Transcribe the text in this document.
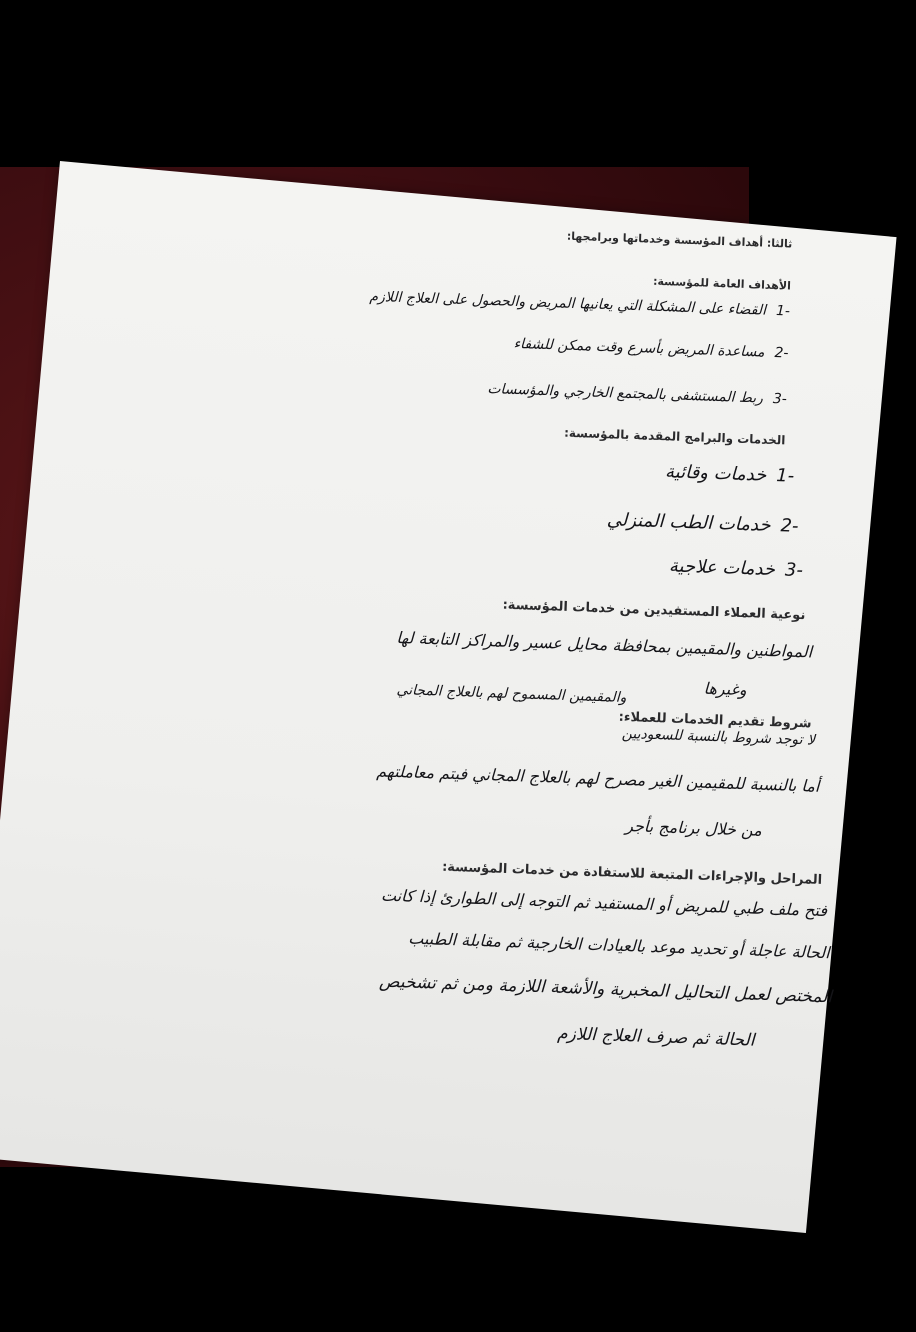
ثالثا: أهداف المؤسسة وخدماتها وبرامجها:
الأهداف العامة للمؤسسة:
-1القضاء على المشكلة التي يعانيها المريض والحصول على العلاج اللازم
-2مساعدة المريض بأسرع وقت ممكن للشفاء
-3ربط المستشفى بالمجتمع الخارجي والمؤسسات
الخدمات والبرامج المقدمة بالمؤسسة:
-1خدمات وقائية
-2خدمات الطب المنزلي
-3خدمات علاجية
نوعية العملاء المستفيدين من خدمات المؤسسة:
المواطنين والمقيمين بمحافظة محايل عسير والمراكز التابعة لها
وغيرها
والمقيمين المسموح لهم بالعلاج المجاني
شروط تقديم الخدمات للعملاء:
لا توجد شروط بالنسبة للسعوديين
أما بالنسبة للمقيمين الغير مصرح لهم بالعلاج المجاني فيتم معاملتهم
من خلال برنامج بأجر
المراحل والإجراءات المتبعة للاستفادة من خدمات المؤسسة:
فتح ملف طبي للمريض أو المستفيد ثم التوجه إلى الطوارئ إذا كانت
الحالة عاجلة أو تحديد موعد بالعيادات الخارجية ثم مقابلة الطبيب
المختص لعمل التحاليل المخبرية والأشعة اللازمة ومن ثم تشخيص
الحالة ثم صرف العلاج اللازم
